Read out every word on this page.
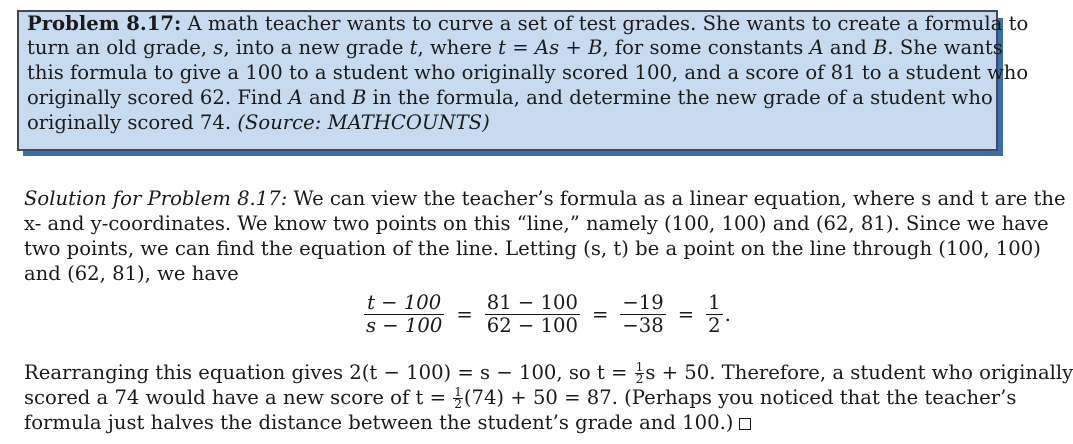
Problem 8.17: A math teacher wants to curve a set of test grades. She wants to create a formula to
turn an old grade, s, into a new grade t, where t = As + B, for some constants A and B. She wants
this formula to give a 100 to a student who originally scored 100, and a score of 81 to a student who
originally scored 62. Find A and B in the formula, and determine the new grade of a student who
originally scored 74. (Source: MATHCOUNTS)
Solution for Problem 8.17: We can view the teacher’s formula as a linear equation, where s and t are the
x- and y-coordinates. We know two points on this “line,” namely (100, 100) and (62, 81). Since we have
two points, we can find the equation of the line. Letting (s, t) be a point on the line through (100, 100)
and (62, 81), we have
$\frac{t - 100}{s - 100} = \frac{81 - 100}{62 - 100} = \frac{-19}{-38} = \frac{1}{2}$ .
Rearranging this equation gives 2(t − 100) = s − 100, so $t = \frac{1}{2}$ s + 50. Therefore, a student who originally
scored a 74 would have a new score of $t = \frac{1}{2} (74) + 50 = 87$. (Perhaps you noticed that the teacher’s
formula just halves the distance between the student’s grade and 100.)
